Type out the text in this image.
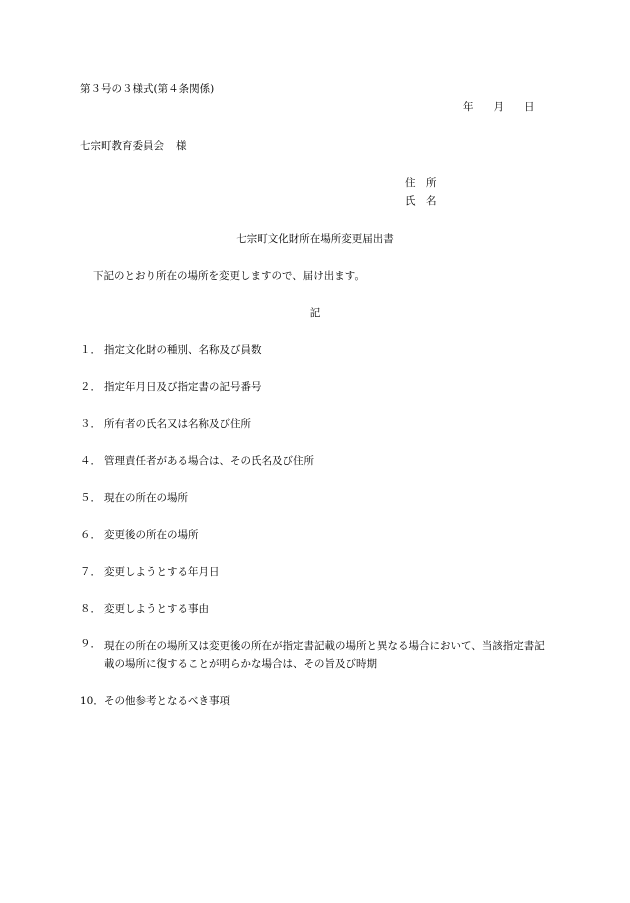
第３号の３様式(第４条関係)
年 月 日
七宗町教育委員会 様
住　所
氏　名
七宗町文化財所在場所変更届出書
下記のとおり所在の場所を変更しますので、届け出ます。
記
１． 指定文化財の種別、名称及び員数
２． 指定年月日及び指定書の記号番号
３． 所有者の氏名又は名称及び住所
４． 管理責任者がある場合は、その氏名及び住所
５． 現在の所在の場所
６． 変更後の所在の場所
７． 変更しようとする年月日
８． 変更しようとする事由
９． 現在の所在の場所又は変更後の所在が指定書記載の場所と異なる場合において、当該指定書記載の場所に復することが明らかな場合は、その旨及び時期
10．その他参考となるべき事項
